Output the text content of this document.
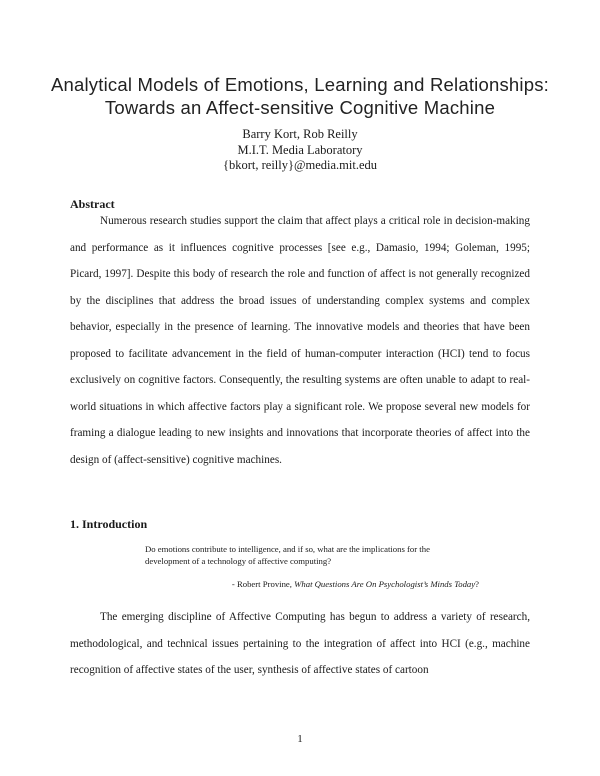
Analytical Models of Emotions, Learning and Relationships:
Towards an Affect-sensitive Cognitive Machine
Barry Kort, Rob Reilly
M.I.T. Media Laboratory
{bkort, reilly}@media.mit.edu
Abstract

Numerous research studies support the claim that affect plays a critical role in decision-making and performance as it influences cognitive processes [see e.g., Damasio, 1994; Goleman, 1995; Picard, 1997]. Despite this body of research the role and function of affect is not generally recognized by the disciplines that address the broad issues of understanding complex systems and complex behavior, especially in the presence of learning. The innovative models and theories that have been proposed to facilitate advancement in the field of human-computer interaction (HCI) tend to focus exclusively on cognitive factors. Consequently, the resulting systems are often unable to adapt to real-world situations in which affective factors play a significant role. We propose several new models for framing a dialogue leading to new insights and innovations that incorporate theories of affect into the design of (affect-sensitive) cognitive machines.

1. Introduction

Do emotions contribute to intelligence, and if so, what are the implications for the development of a technology of affective computing?

- Robert Provine, What Questions Are On Psychologist’s Minds Today?

The emerging discipline of Affective Computing has begun to address a variety of research, methodological, and technical issues pertaining to the integration of affect into HCI (e.g., machine recognition of affective states of the user, synthesis of affective states of cartoon

1
